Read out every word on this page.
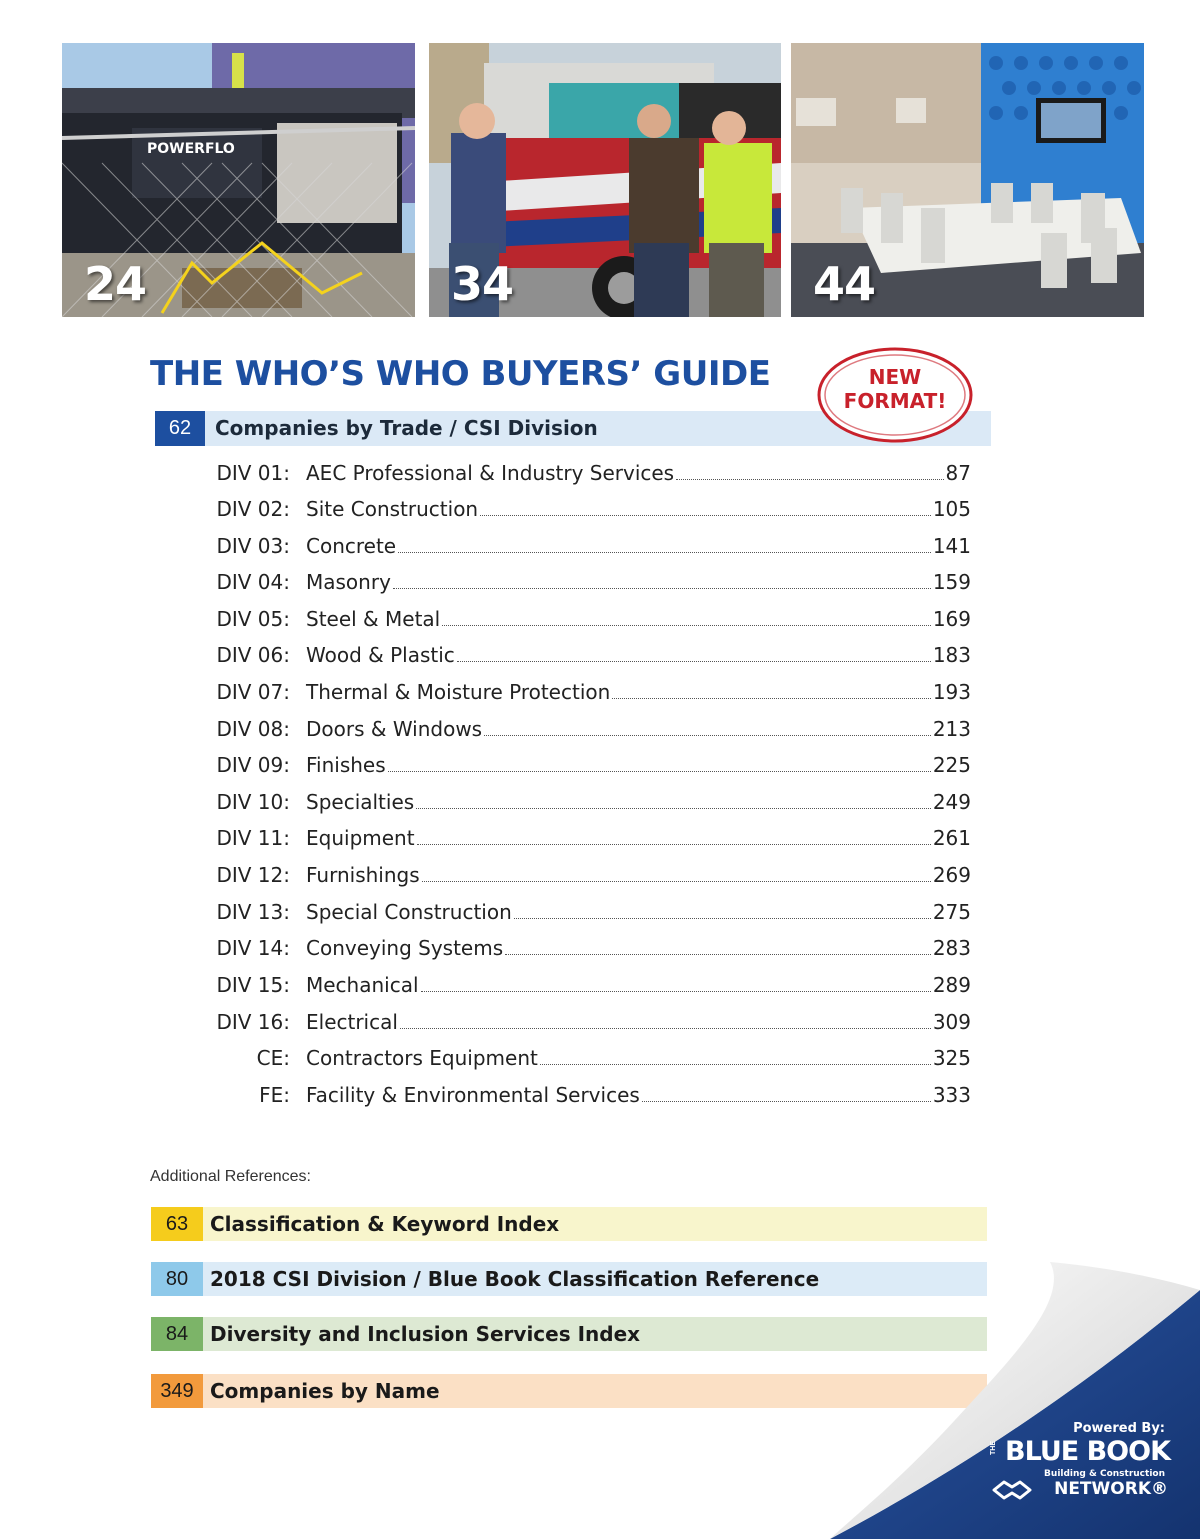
POWERFLO
24	34	44
THE WHO’S WHO BUYERS’ GUIDE
62	Companies by Trade / CSI Division
NEW
FORMAT!
DIV 01: AEC Professional & Industry Services	87
DIV 02: Site Construction	105
DIV 03: Concrete	141
DIV 04: Masonry	159
DIV 05: Steel & Metal	169
DIV 06: Wood & Plastic	183
DIV 07: Thermal & Moisture Protection	193
DIV 08: Doors & Windows	213
DIV 09: Finishes	225
DIV 10: Specialties	249
DIV 11: Equipment	261
DIV 12: Furnishings	269
DIV 13: Special Construction	275
DIV 14: Conveying Systems	283
DIV 15: Mechanical	289
DIV 16: Electrical	309
CE: Contractors Equipment	325
FE: Facility & Environmental Services	333
Additional References:
63	Classification & Keyword Index
80	2018 CSI Division / Blue Book Classification Reference
84	Diversity and Inclusion Services Index
349 Companies by Name
Powered By:
THE BLUE BOOK
Building & Construction
NETWORK®
